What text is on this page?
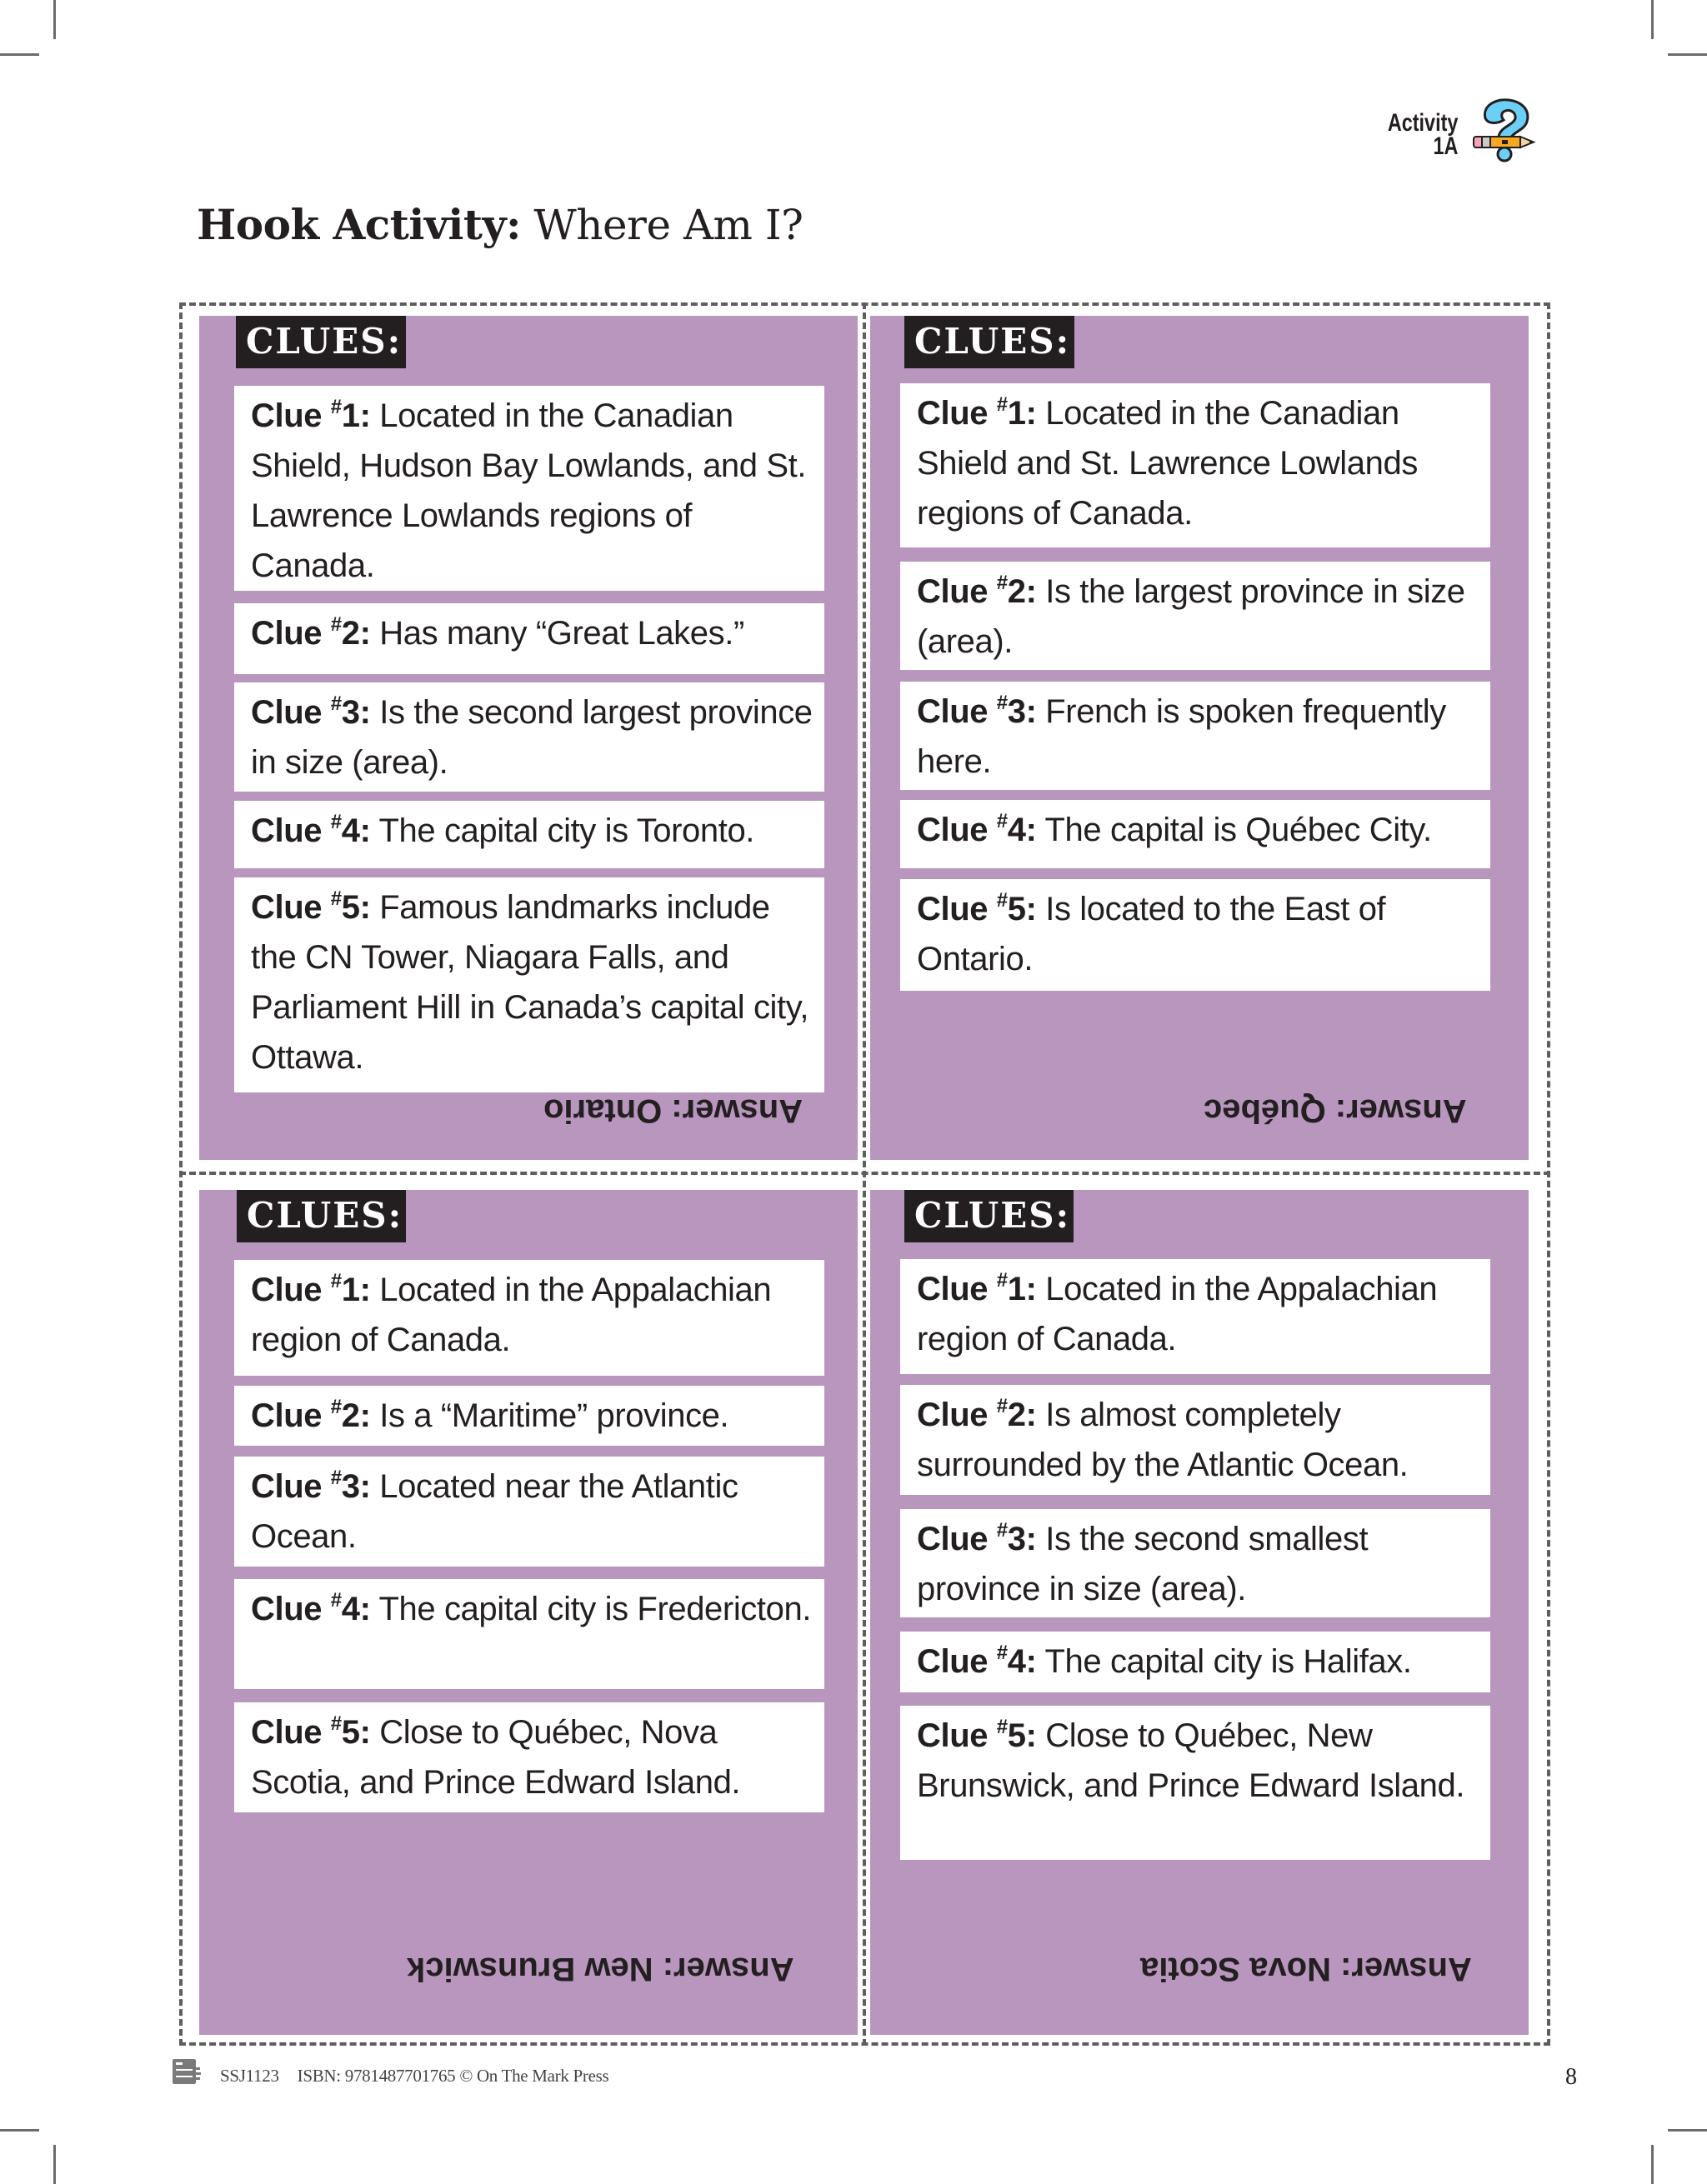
Activity
1A
Hook Activity: Where Am I?
CLUES:
Clue #1: Located in the Canadian Shield, Hudson Bay Lowlands, and St. Lawrence Lowlands regions of Canada.
Clue #2: Has many “Great Lakes.”
Clue #3: Is the second largest province in size (area).
Clue #4: The capital city is Toronto.
Clue #5: Famous landmarks include the CN Tower, Niagara Falls, and Parliament Hill in Canada’s capital city, Ottawa.
Answer: Ontario
CLUES:
Clue #1: Located in the Canadian Shield and St. Lawrence Lowlands regions of Canada.
Clue #2: Is the largest province in size (area).
Clue #3: French is spoken frequently here.
Clue #4: The capital is Québec City.
Clue #5: Is located to the East of Ontario.
Answer: Québec
CLUES:
Clue #1: Located in the Appalachian region of Canada.
Clue #2: Is a “Maritime” province.
Clue #3: Located near the Atlantic Ocean.
Clue #4: The capital city is Fredericton.
Clue #5: Close to Québec, Nova Scotia, and Prince Edward Island.
Answer: New Brunswick
CLUES:
Clue #1: Located in the Appalachian region of Canada.
Clue #2: Is almost completely surrounded by the Atlantic Ocean.
Clue #3: Is the second smallest province in size (area).
Clue #4: The capital city is Halifax.
Clue #5: Close to Québec, New Brunswick, and Prince Edward Island.
Answer: Nova Scotia
SSJ1123 ISBN: 9781487701765 © On The Mark Press	8
